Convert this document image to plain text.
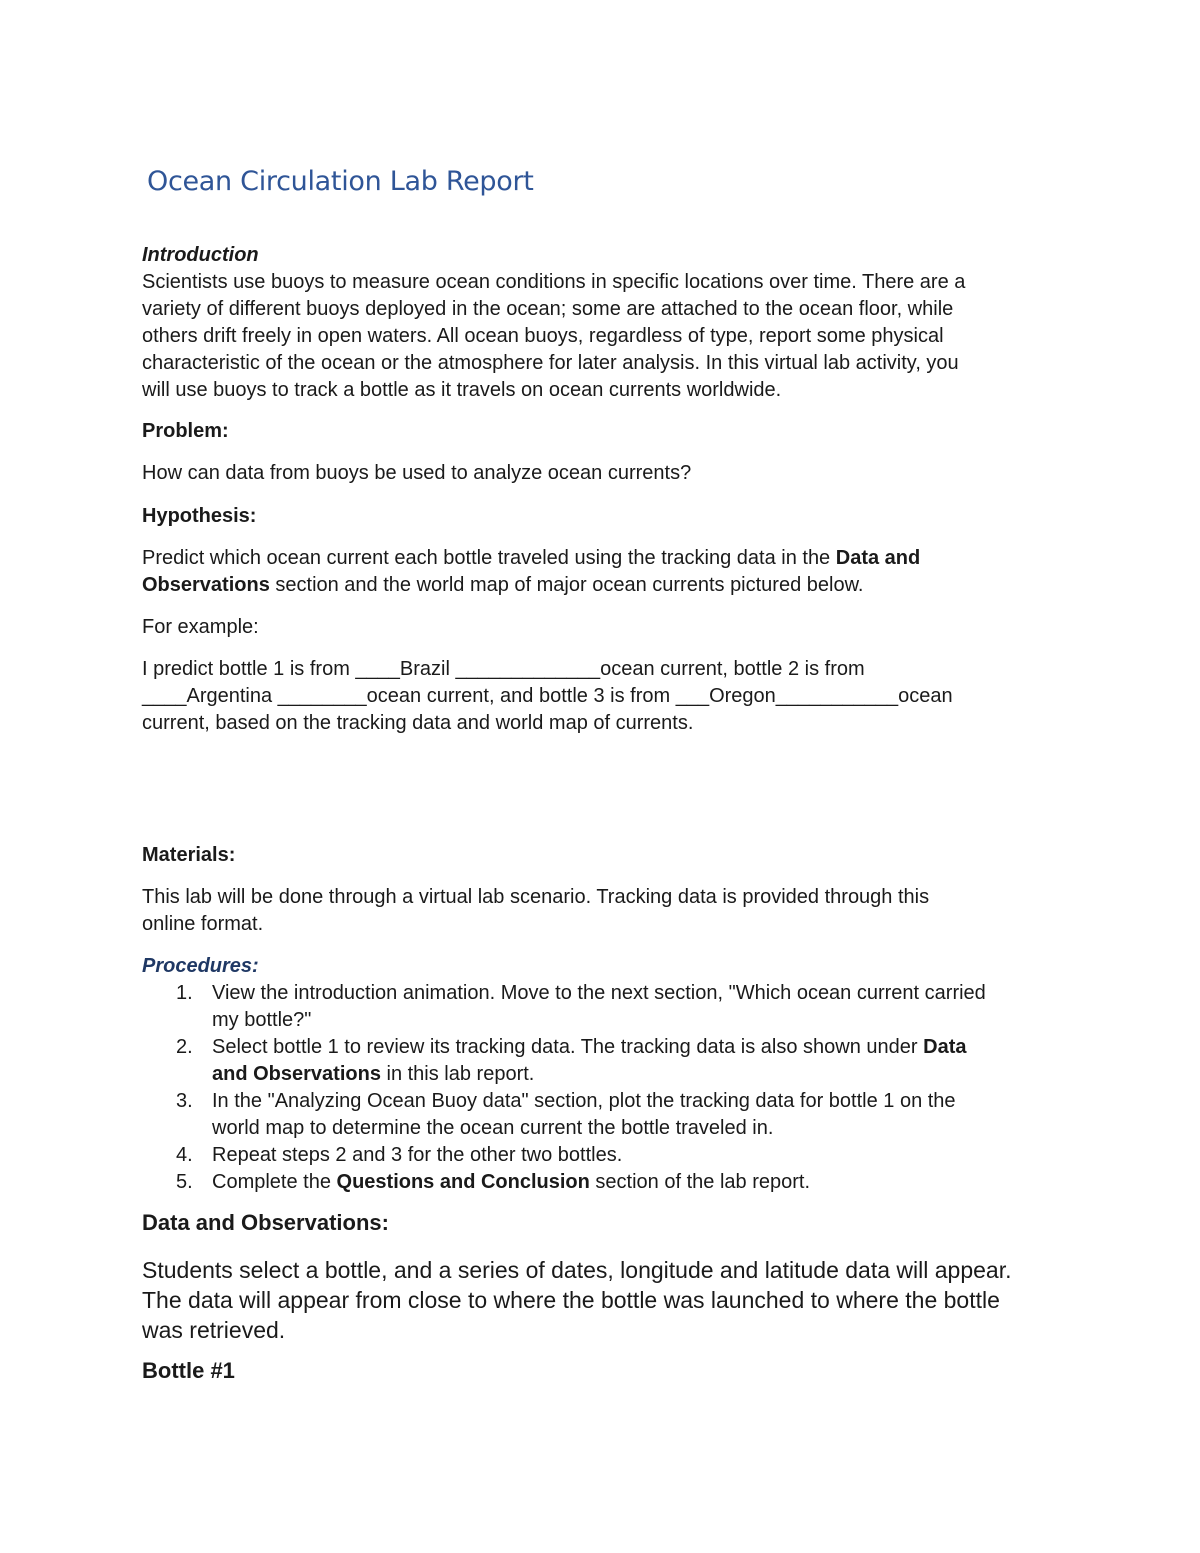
Ocean Circulation Lab Report
Introduction
Scientists use buoys to measure ocean conditions in specific locations over time. There are a
variety of different buoys deployed in the ocean; some are attached to the ocean floor, while
others drift freely in open waters. All ocean buoys, regardless of type, report some physical
characteristic of the ocean or the atmosphere for later analysis. In this virtual lab activity, you
will use buoys to track a bottle as it travels on ocean currents worldwide.
Problem:
How can data from buoys be used to analyze ocean currents?
Hypothesis:
Predict which ocean current each bottle traveled using the tracking data in the Data and
Observations section and the world map of major ocean currents pictured below.
For example:
I predict bottle 1 is from ____Brazil _____________ocean current, bottle 2 is from
____Argentina ________ocean current, and bottle 3 is from ___Oregon___________ocean
current, based on the tracking data and world map of currents.
Materials:
This lab will be done through a virtual lab scenario. Tracking data is provided through this
online format.
Procedures:
1. View the introduction animation. Move to the next section, "Which ocean current carried
my bottle?"
2. Select bottle 1 to review its tracking data. The tracking data is also shown under Data
and Observations in this lab report.
3. In the "Analyzing Ocean Buoy data" section, plot the tracking data for bottle 1 on the
world map to determine the ocean current the bottle traveled in.
4. Repeat steps 2 and 3 for the other two bottles.
5. Complete the Questions and Conclusion section of the lab report.
Data and Observations:
Students select a bottle, and a series of dates, longitude and latitude data will appear.
The data will appear from close to where the bottle was launched to where the bottle
was retrieved.
Bottle #1
